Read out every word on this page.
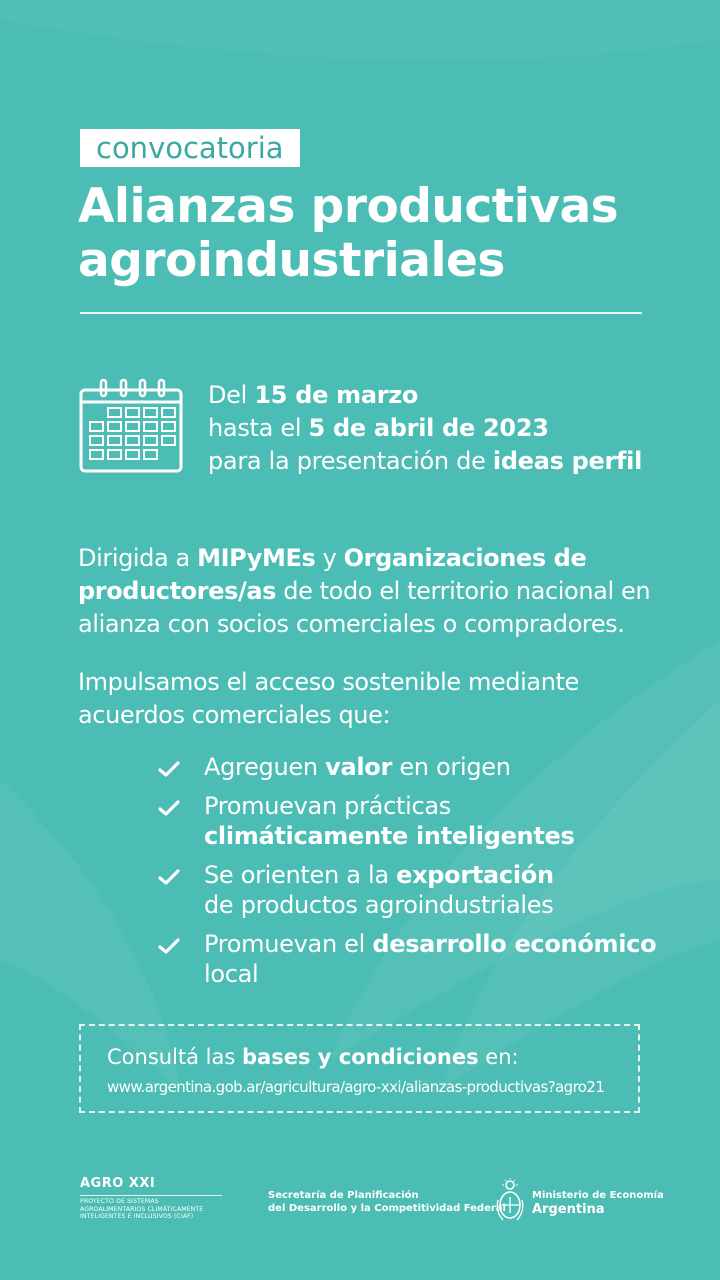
convocatoria
Alianzas productivas
agroindustriales
Del 15 de marzo
hasta el 5 de abril de 2023
para la presentación de ideas perfil
Dirigida a MIPyMEs y Organizaciones de productores/as de todo el territorio nacional en alianza con socios comerciales o compradores.
Impulsamos el acceso sostenible mediante acuerdos comerciales que:
Agreguen valor en origen
Promuevan prácticas
climáticamente inteligentes
Se orienten a la exportación
de productos agroindustriales
Promuevan el desarrollo económico local
Consultá las bases y condiciones en:
www.argentina.gob.ar/agricultura/agro-xxi/alianzas-productivas?agro21
AGRO XXI
PROYECTO DE SISTEMAS
AGROALIMENTARIOS CLIMÁTICAMENTE
INTELIGENTES E INCLUSIVOS (CIAF)
Secretaría de Planificación
del Desarrollo y la Competitividad Federal
Ministerio de Economía
Argentina
